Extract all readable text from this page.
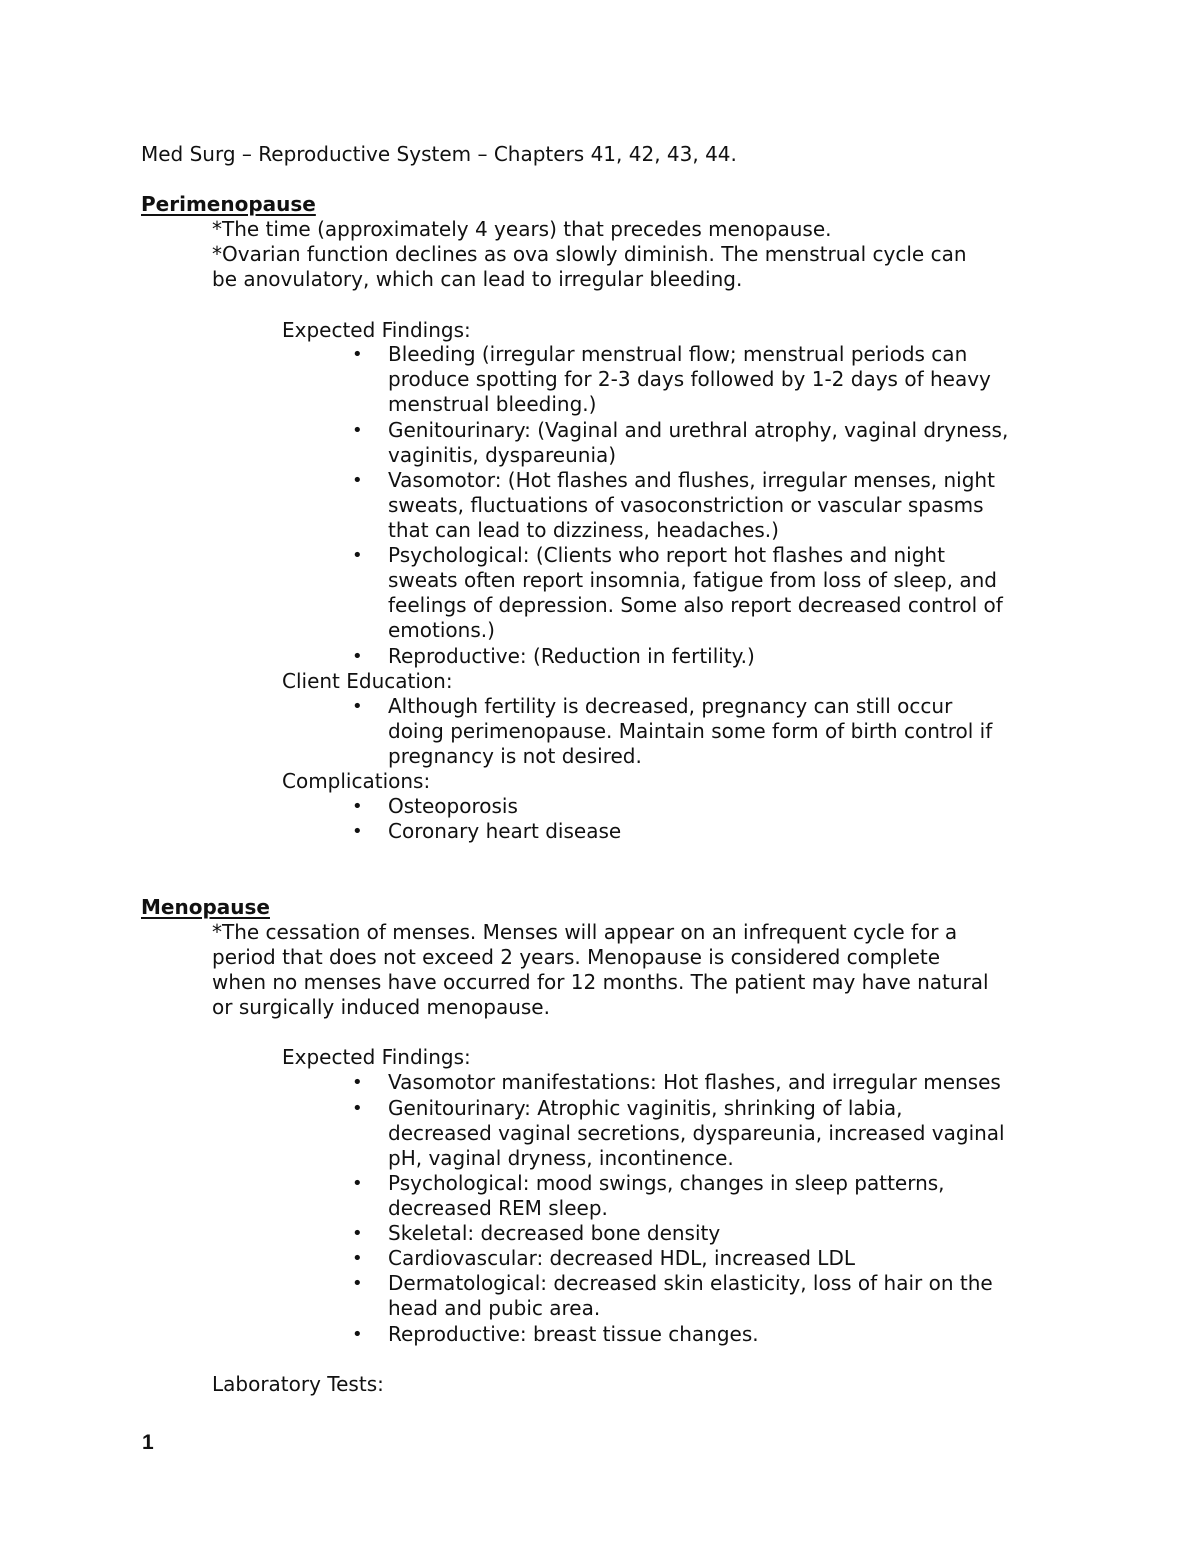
Med Surg – Reproductive System – Chapters 41, 42, 43, 44.
Perimenopause
*The time (approximately 4 years) that precedes menopause.
*Ovarian function declines as ova slowly diminish. The menstrual cycle can
be anovulatory, which can lead to irregular bleeding.
Expected Findings:
• Bleeding (irregular menstrual flow; menstrual periods can
produce spotting for 2-3 days followed by 1-2 days of heavy
menstrual bleeding.)
• Genitourinary: (Vaginal and urethral atrophy, vaginal dryness,
vaginitis, dyspareunia)
• Vasomotor: (Hot flashes and flushes, irregular menses, night
sweats, fluctuations of vasoconstriction or vascular spasms
that can lead to dizziness, headaches.)
• Psychological: (Clients who report hot flashes and night
sweats often report insomnia, fatigue from loss of sleep, and
feelings of depression. Some also report decreased control of
emotions.)
• Reproductive: (Reduction in fertility.)
Client Education:
• Although fertility is decreased, pregnancy can still occur
doing perimenopause. Maintain some form of birth control if
pregnancy is not desired.
Complications:
• Osteoporosis
• Coronary heart disease
Menopause
*The cessation of menses. Menses will appear on an infrequent cycle for a
period that does not exceed 2 years. Menopause is considered complete
when no menses have occurred for 12 months. The patient may have natural
or surgically induced menopause.
Expected Findings:
• Vasomotor manifestations: Hot flashes, and irregular menses
• Genitourinary: Atrophic vaginitis, shrinking of labia,
decreased vaginal secretions, dyspareunia, increased vaginal
pH, vaginal dryness, incontinence.
• Psychological: mood swings, changes in sleep patterns,
decreased REM sleep.
• Skeletal: decreased bone density
• Cardiovascular: decreased HDL, increased LDL
• Dermatological: decreased skin elasticity, loss of hair on the
head and pubic area.
• Reproductive: breast tissue changes.
Laboratory Tests:
1
